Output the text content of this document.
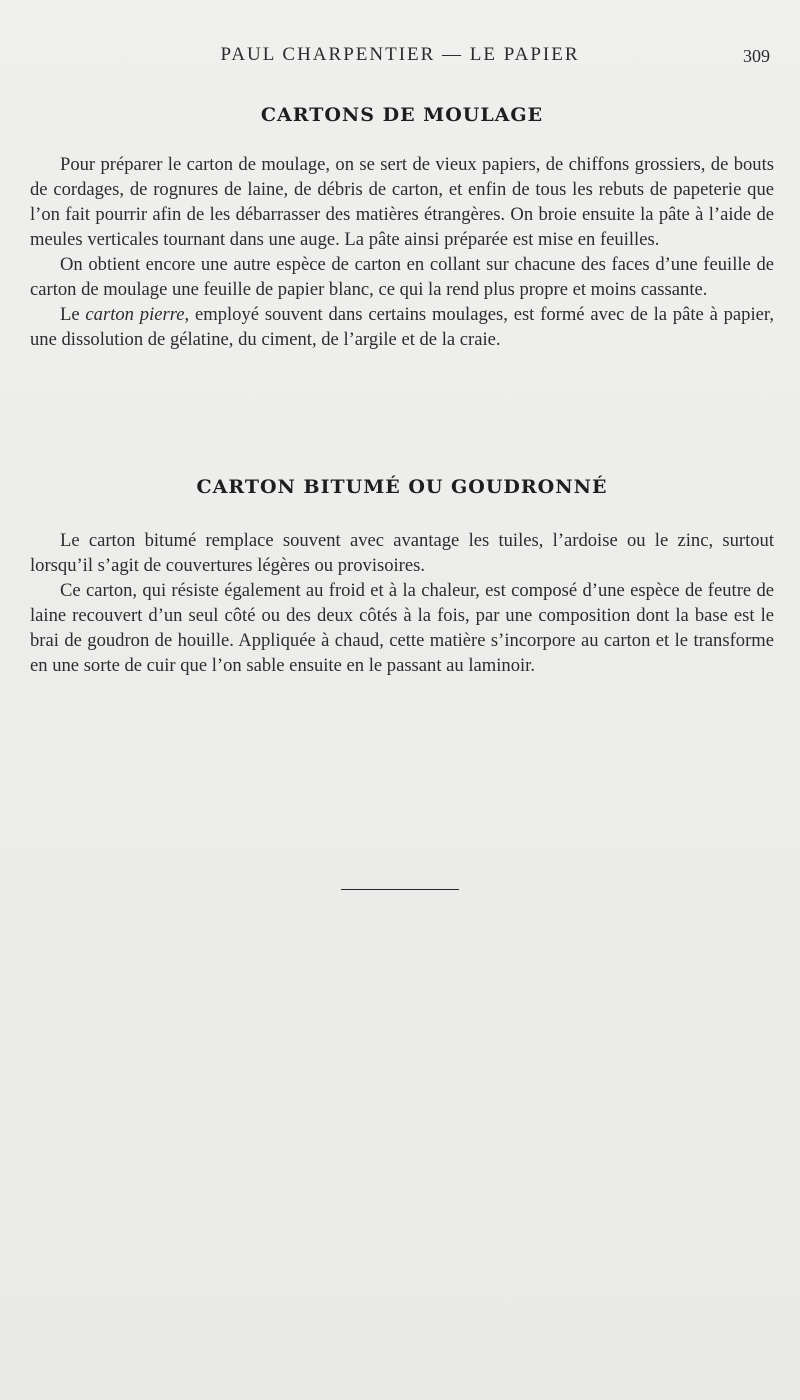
PAUL CHARPENTIER — LE PAPIER	309
CARTONS DE MOULAGE

Pour préparer le carton de moulage, on se sert de vieux papiers, de chiffons grossiers, de bouts de cordages, de rognures de laine, de débris de carton, et enfin de tous les rebuts de papeterie que l’on fait pourrir afin de les débarrasser des matières étrangères. On broie ensuite la pâte à l’aide de meules verticales tournant dans une auge. La pâte ainsi préparée est mise en feuilles.

On obtient encore une autre espèce de carton en collant sur chacune des faces d’une feuille de carton de moulage une feuille de papier blanc, ce qui la rend plus propre et moins cassante.

Le carton pierre, employé souvent dans certains moulages, est formé avec de la pâte à papier, une dissolution de gélatine, du ciment, de l’argile et de la craie.

CARTON BITUMÉ OU GOUDRONNÉ

Le carton bitumé remplace souvent avec avantage les tuiles, l’ardoise ou le zinc, surtout lorsqu’il s’agit de couvertures légères ou provisoires.

Ce carton, qui résiste également au froid et à la chaleur, est composé d’une espèce de feutre de laine recouvert d’un seul côté ou des deux côtés à la fois, par une composition dont la base est le brai de goudron de houille. Appliquée à chaud, cette matière s’incorpore au carton et le transforme en une sorte de cuir que l’on sable ensuite en le passant au laminoir.
